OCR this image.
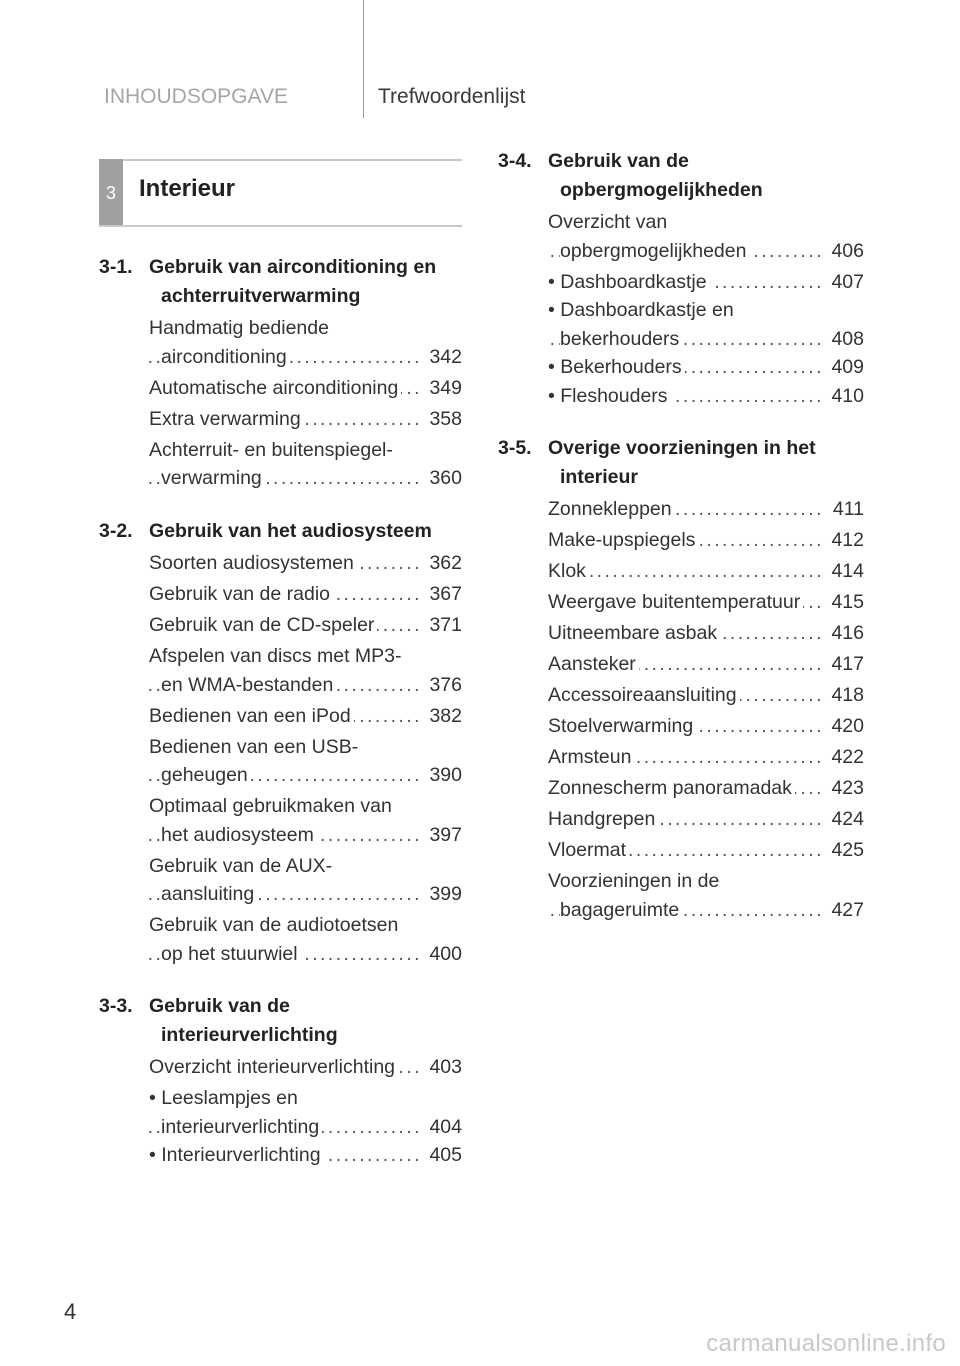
INHOUDSOPGAVE	Trefwoordenlijst
3 Interieur
3-1. Gebruik van airconditioning en achterruitverwarming
Handmatig bediende airconditioning . . .	342
Automatische airconditioning . . .	349
Extra verwarming . . .	358
Achterruit- en buitenspiegel-verwarming . . .	360
3-2. Gebruik van het audiosysteem
Soorten audiosystemen . . .	362
Gebruik van de radio . . .	367
Gebruik van de CD-speler . . .	371
Afspelen van discs met MP3- en WMA-bestanden . . .	376
Bedienen van een iPod . . .	382
Bedienen van een USB-geheugen . . .	390
Optimaal gebruikmaken van het audiosysteem . . .	397
Gebruik van de AUX-aansluiting . . .	399
Gebruik van de audiotoetsen op het stuurwiel . . .	400
3-3. Gebruik van de interieurverlichting
Overzicht interieurverlichting . . .	403
• Leeslampjes en interieurverlichting . . .	404
• Interieurverlichting . . .	405
3-4. Gebruik van de opbergmogelijkheden
Overzicht van opbergmogelijkheden . . .	406
• Dashboardkastje . . .	407
• Dashboardkastje en bekerhouders . . .	408
• Bekerhouders . . .	409
• Fleshouders . . .	410
3-5. Overige voorzieningen in het interieur
Zonnekleppen . . .	411
Make-upspiegels . . .	412
Klok . . .	414
Weergave buitentemperatuur . . .	415
Uitneembare asbak . . .	416
Aansteker . . .	417
Accessoireaansluiting . . .	418
Stoelverwarming . . .	420
Armsteun . . .	422
Zonnescherm panoramadak . . .	423
Handgrepen . . .	424
Vloermat . . .	425
Voorzieningen in de bagageruimte . . .	427
4
carmanualsonline.info
